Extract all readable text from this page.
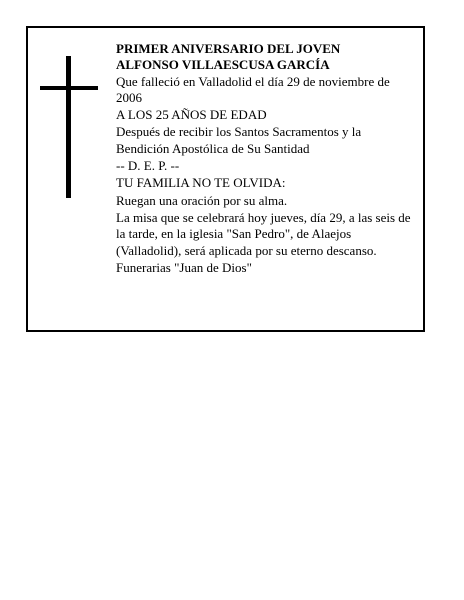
PRIMER ANIVERSARIO DEL JOVEN

ALFONSO VILLAESCUSA GARCÍA

Que falleció en Valladolid el día 29 de noviembre de 2006

A LOS 25 AÑOS DE EDAD

Después de recibir los Santos Sacramentos y la Bendición Apostólica de Su Santidad

-- D. E. P. --

TU FAMILIA NO TE OLVIDA:

Ruegan una oración por su alma.

La misa que se celebrará hoy jueves, día 29, a las seis de la tarde, en la iglesia "San Pedro", de Alaejos (Valladolid), será aplicada por su eterno descanso.

Funerarias "Juan de Dios"
